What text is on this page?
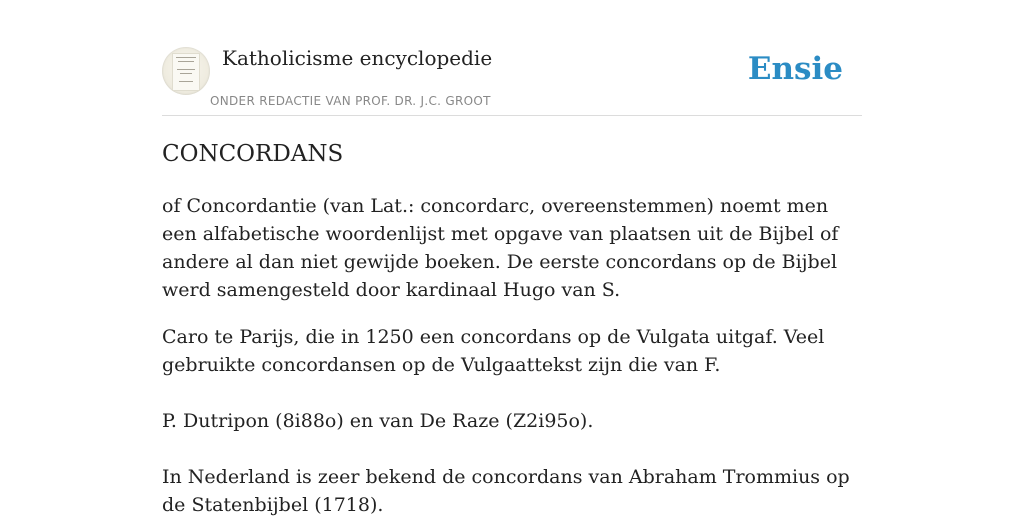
Katholicisme encyclopedie
ONDER REDACTIE VAN PROF. DR. J.C. GROOT
Ensie
CONCORDANS

of Concordantie (van Lat.: concordarc, overeenstemmen) noemt men een alfabetische woordenlijst met opgave van plaatsen uit de Bijbel of andere al dan niet gewijde boeken. De eerste concordans op de Bijbel werd samengesteld door kardinaal Hugo van S.

Caro te Parijs, die in 1250 een concordans op de Vulgata uitgaf. Veel gebruikte concordansen op de Vulgaattekst zijn die van F.

P. Dutripon (8i88o) en van De Raze (Z2i95o).

In Nederland is zeer bekend de concordans van Abraham Trommius op de Statenbijbel (1718).
